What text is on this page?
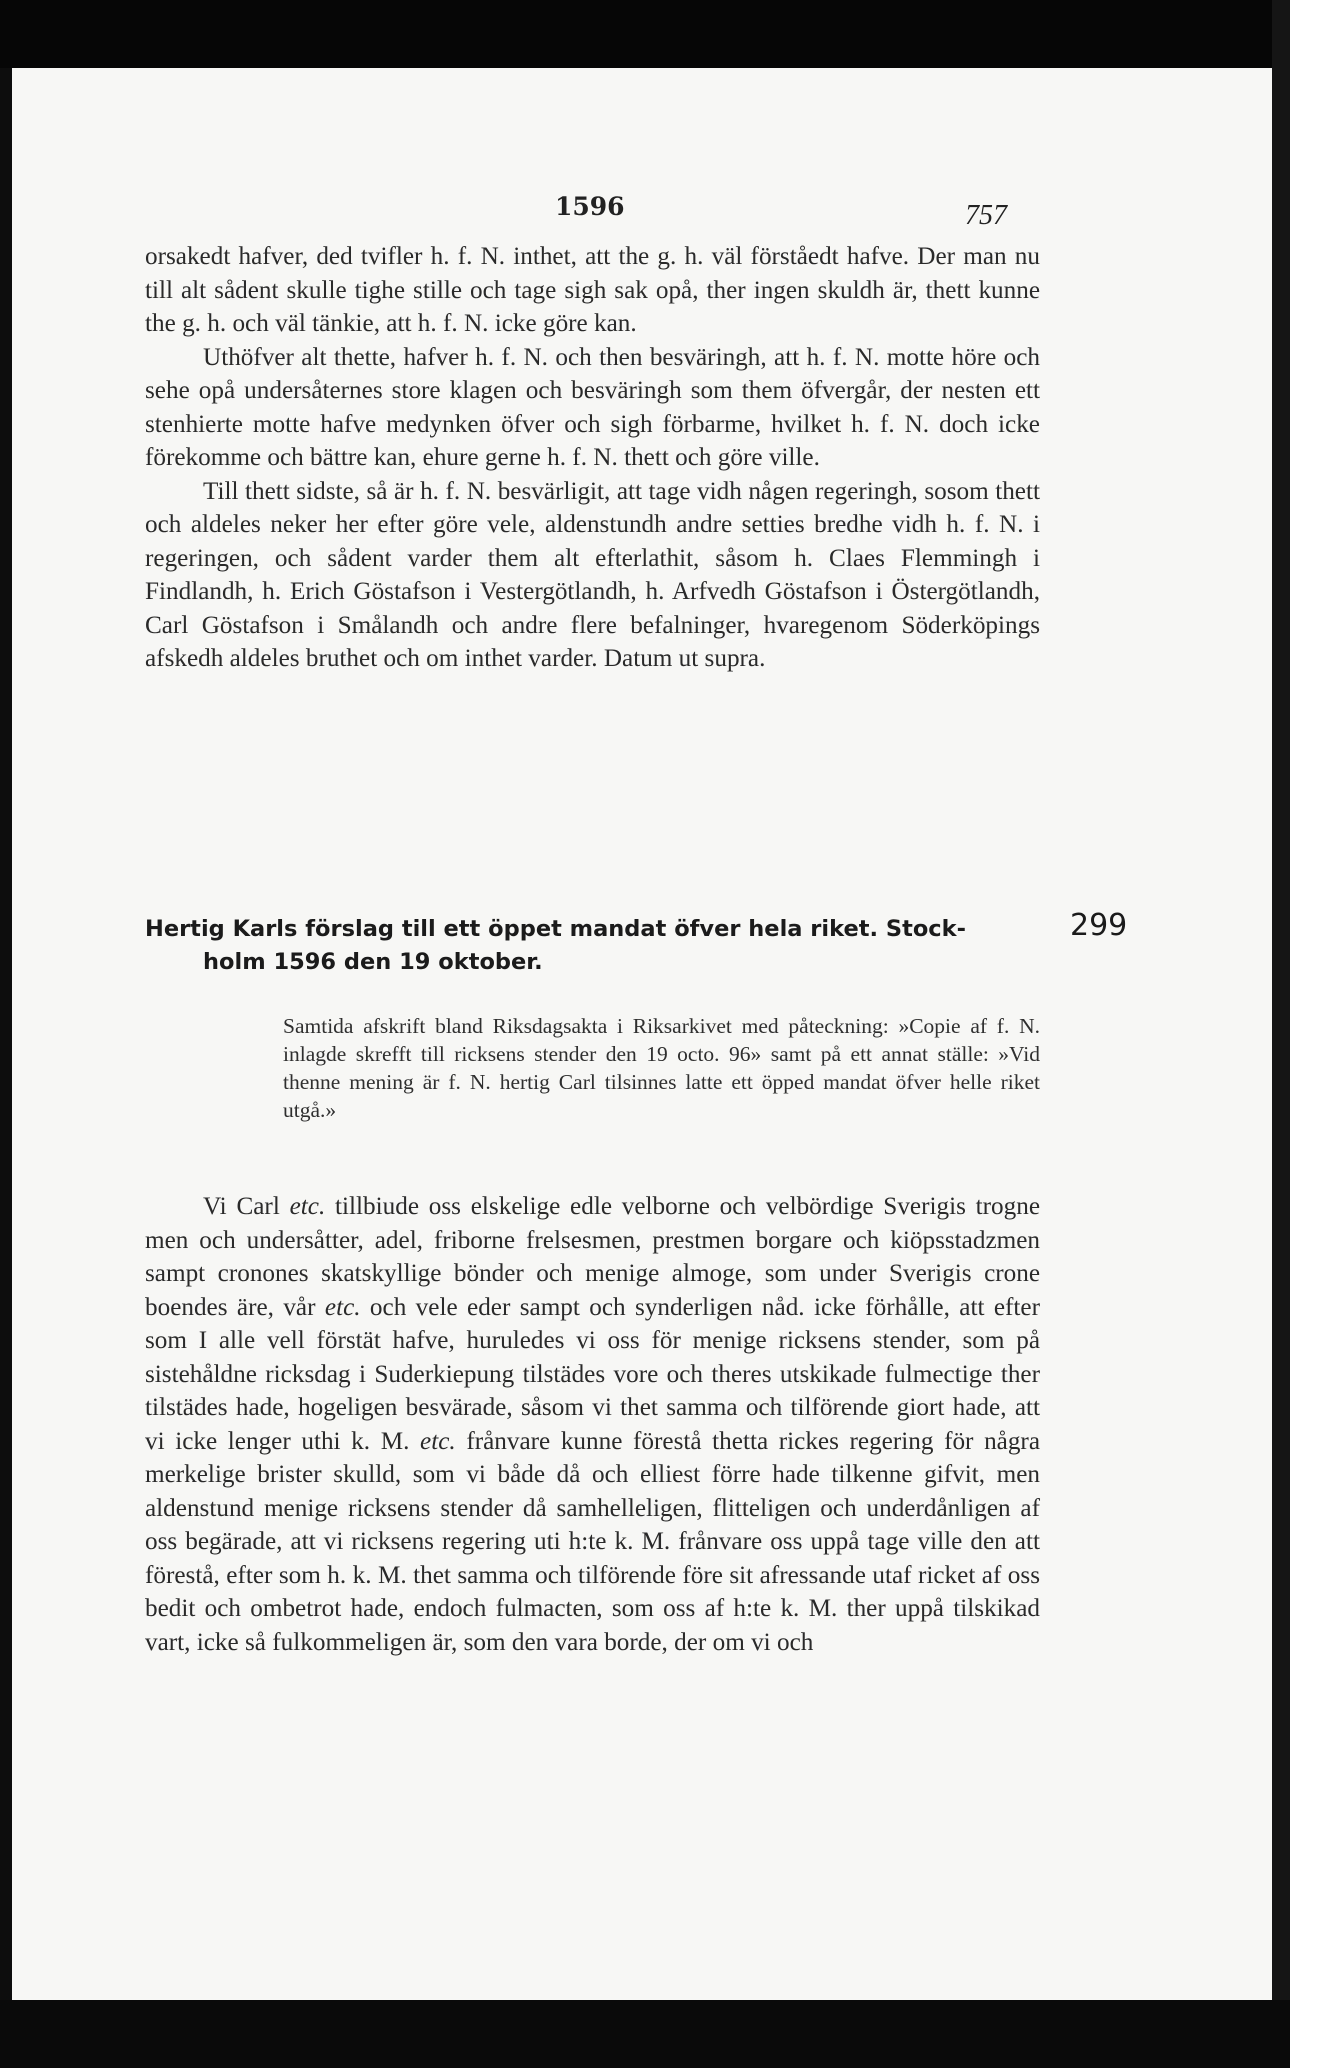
1596	757

orsakedt hafver, ded tvifler h. f. N. inthet, att the g. h. väl förståedt hafve. Der man nu till alt sådent skulle tighe stille och tage sigh sak opå, ther ingen skuldh är, thett kunne the g. h. och väl tänkie, att h. f. N. icke göre kan.

Uthöfver alt thette, hafver h. f. N. och then besväringh, att h. f. N. motte höre och sehe opå undersåternes store klagen och besväringh som them öfvergår, der nesten ett stenhierte motte hafve medynken öfver och sigh förbarme, hvilket h. f. N. doch icke förekomme och bättre kan, ehure gerne h. f. N. thett och göre ville.

Till thett sidste, så är h. f. N. besvärligit, att tage vidh någen regeringh, sosom thett och aldeles neker her efter göre vele, aldenstundh andre setties bredhe vidh h. f. N. i regeringen, och sådent varder them alt efterlathit, såsom h. Claes Flemmingh i Findlandh, h. Erich Göstafson i Vestergötlandh, h. Arfvedh Göstafson i Östergötlandh, Carl Göstafson i Smålandh och andre flere befalninger, hvaregenom Söderköpings afskedh aldeles bruthet och om inthet varder. Datum ut supra.

Hertig Karls förslag till ett öppet mandat öfver hela riket. Stock-
holm 1596 den 19 oktober.
299
Samtida afskrift bland Riksdagsakta i Riksarkivet med påteckning: »Copie af f. N. inlagde skrefft till ricksens stender den 19 octo. 96» samt på ett annat ställe: »Vid thenne mening är f. N. hertig Carl tilsinnes latte ett öpped mandat öfver helle riket utgå.»

Vi Carl etc. tillbiude oss elskelige edle velborne och velbördige Sverigis trogne men och undersåtter, adel, friborne frelsesmen, prestmen borgare och kiöpsstadzmen sampt cronones skatskyllige bönder och menige almoge, som under Sverigis crone boendes äre, vår etc. och vele eder sampt och synderligen nåd. icke förhålle, att efter som I alle vell förstät hafve, huruledes vi oss för menige ricksens stender, som på sistehåldne ricksdag i Suderkiepung tilstädes vore och theres utskikade fulmectige ther tilstädes hade, hogeligen besvärade, såsom vi thet samma och tilförende giort hade, att vi icke lenger uthi k. M. etc. frånvare kunne förestå thetta rickes regering för några merkelige brister skulld, som vi både då och elliest förre hade tilkenne gifvit, men aldenstund menige ricksens stender då samhelleligen, flitteligen och underdånligen af oss begärade, att vi ricksens regering uti h:te k. M. frånvare oss uppå tage ville den att förestå, efter som h. k. M. thet samma och tilförende före sit afressande utaf ricket af oss bedit och ombetrot hade, endoch fulmacten, som oss af h:te k. M. ther uppå tilskikad vart, icke så fulkommeligen är, som den vara borde, der om vi och
